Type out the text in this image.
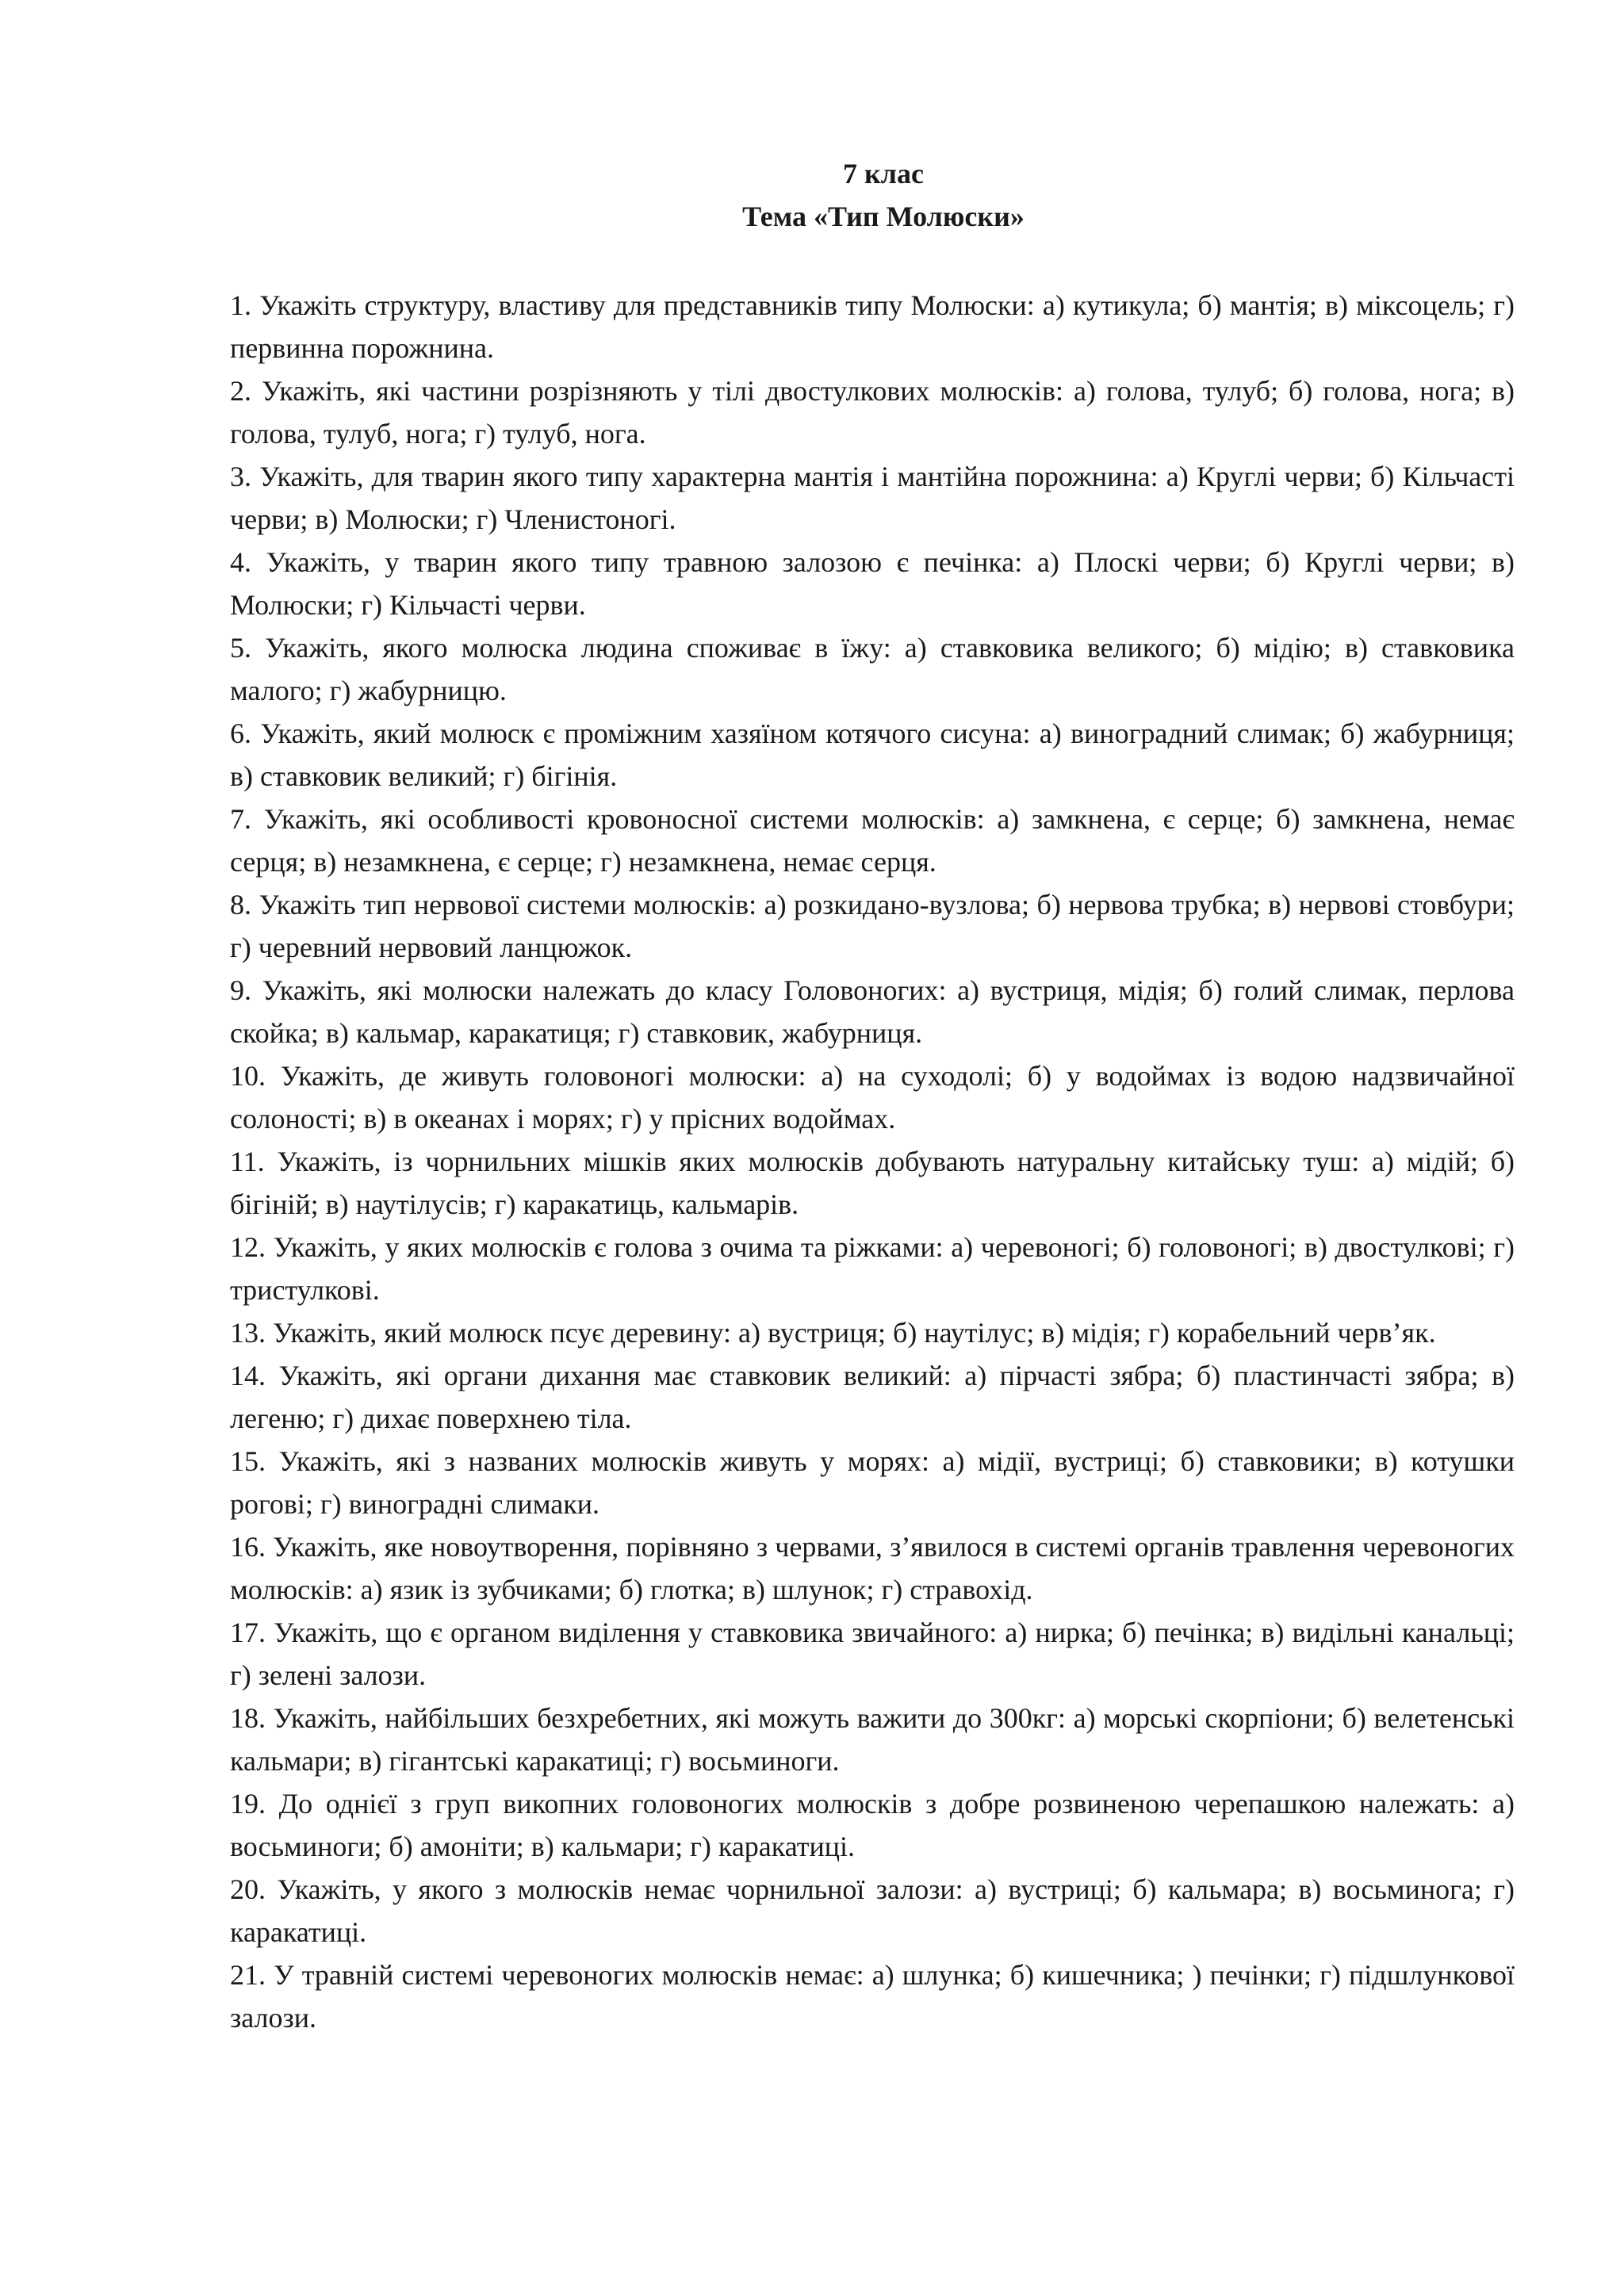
7 клас
Тема «Тип Молюски»

1. Укажіть структуру, властиву для представників типу Молюски: а) кутикула; б) мантія; в) міксоцель; г) первинна порожнина.

2. Укажіть, які частини розрізняють у тілі двостулкових молюсків: а) голова, тулуб; б) голова, нога; в) голова, тулуб, нога; г) тулуб, нога.

3. Укажіть, для тварин якого типу характерна мантія і мантійна порожнина: а) Круглі черви; б) Кільчасті черви; в) Молюски; г) Членистоногі.

4. Укажіть, у тварин якого типу травною залозою є печінка: а) Плоскі черви; б) Круглі черви; в) Молюски; г) Кільчасті черви.

5. Укажіть, якого молюска людина споживає в їжу: а) ставковика великого; б) мідію; в) ставковика малого; г) жабурницю.

6. Укажіть, який молюск є проміжним хазяїном котячого сисуна: а) виноградний слимак; б) жабурниця; в) ставковик великий; г) бігінія.

7. Укажіть, які особливості кровоносної системи молюсків: а) замкнена, є серце; б) замкнена, немає серця; в) незамкнена, є серце; г) незамкнена, немає серця.

8. Укажіть тип нервової системи молюсків: а) розкидано-вузлова; б) нервова трубка; в) нервові стовбури; г) черевний нервовий ланцюжок.

9. Укажіть, які молюски належать до класу Головоногих: а) вустриця, мідія; б) голий слимак, перлова скойка; в) кальмар, каракатиця; г) ставковик, жабурниця.

10. Укажіть, де живуть головоногі молюски: а) на суходолі; б) у водоймах із водою надзвичайної солоності; в) в океанах і морях; г) у прісних водоймах.

11. Укажіть, із чорнильних мішків яких молюсків добувають натуральну китайську туш: а) мідій; б) бігіній; в) наутілусів; г) каракатиць, кальмарів.

12. Укажіть, у яких молюсків є голова з очима та ріжками: а) черевоногі; б) головоногі; в) двостулкові; г) тристулкові.

13. Укажіть, який молюск псує деревину: а) вустриця; б) наутілус; в) мідія; г) корабельний черв’як.

14. Укажіть, які органи дихання має ставковик великий: а) пірчасті зябра; б) пластинчасті зябра; в) легеню; г) дихає поверхнею тіла.

15. Укажіть, які з названих молюсків живуть у морях: а) мідії, вустриці; б) ставковики; в) котушки рогові; г) виноградні слимаки.

16. Укажіть, яке новоутворення, порівняно з червами, з’явилося в системі органів травлення черевоногих молюсків: а) язик із зубчиками; б) глотка; в) шлунок; г) стравохід.

17. Укажіть, що є органом виділення у ставковика звичайного: а) нирка; б) печінка; в) видільні канальці; г) зелені залози.

18. Укажіть, найбільших безхребетних, які можуть важити до 300кг: а) морські скорпіони; б) велетенські кальмари; в) гігантські каракатиці; г) восьминоги.

19. До однієї з груп викопних головоногих молюсків з добре розвиненою черепашкою належать: а) восьминоги; б) амоніти; в) кальмари; г) каракатиці.

20. Укажіть, у якого з молюсків немає чорнильної залози: а) вустриці; б) кальмара; в) восьминога; г) каракатиці.

21. У травній системі черевоногих молюсків немає: а) шлунка; б) кишечника; ) печінки; г) підшлункової залози.
